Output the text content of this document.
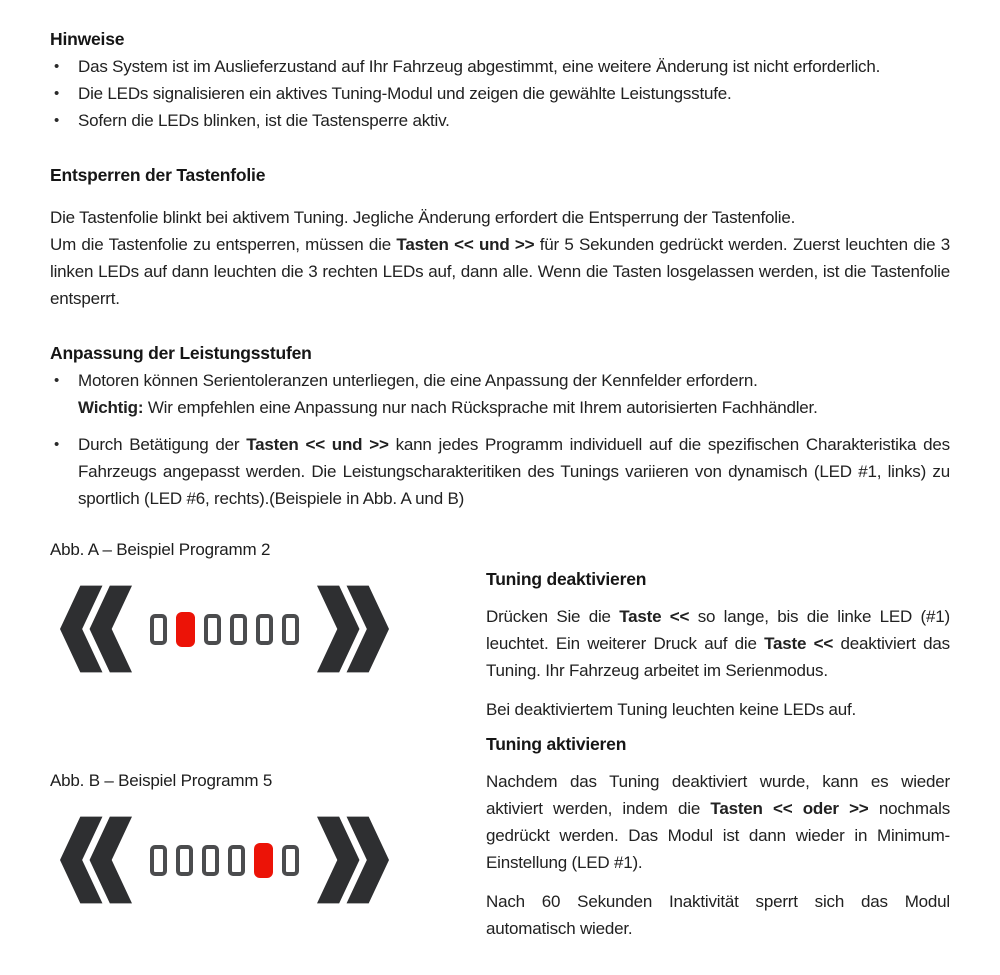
Hinweise
• Das System ist im Auslieferzustand auf Ihr Fahrzeug abgestimmt, eine weitere Änderung ist nicht erforderlich.
• Die LEDs signalisieren ein aktives Tuning-Modul und zeigen die gewählte Leistungsstufe.
• Sofern die LEDs blinken, ist die Tastensperre aktiv.
Entsperren der Tastenfolie

Die Tastenfolie blinkt bei aktivem Tuning. Jegliche Änderung erfordert die Entsperrung der Tastenfolie.
Um die Tastenfolie zu entsperren, müssen die Tasten << und >> für 5 Sekunden gedrückt werden. Zuerst leuchten die 3 linken LEDs auf dann leuchten die 3 rechten LEDs auf, dann alle. Wenn die Tasten losgelassen werden, ist die Tastenfolie entsperrt.

Anpassung der Leistungsstufen
• Motoren können Serientoleranzen unterliegen, die eine Anpassung der Kennfelder erfordern.
Wichtig: Wir empfehlen eine Anpassung nur nach Rücksprache mit Ihrem autorisierten Fachhändler.
• Durch Betätigung der Tasten << und >> kann jedes Programm individuell auf die spezifischen Charakteristika des Fahrzeugs angepasst werden. Die Leistungscharakteritiken des Tunings variieren von dynamisch (LED #1, links) zu sportlich (LED #6, rechts).(Beispiele in Abb. A und B)
Abb. A – Beispiel Programm 2
Abb. B – Beispiel Programm 5
Tuning deaktivieren

Drücken Sie die Taste << so lange, bis die linke LED (#1) leuchtet. Ein weiterer Druck auf die Taste << deaktiviert das Tuning. Ihr Fahrzeug arbeitet im Serienmodus.

Bei deaktiviertem Tuning leuchten keine LEDs auf.

Tuning aktivieren

Nachdem das Tuning deaktiviert wurde, kann es wieder aktiviert werden, indem die Tasten << oder >> nochmals gedrückt werden. Das Modul ist dann wieder in Minimum-Einstellung (LED #1).

Nach 60 Sekunden Inaktivität sperrt sich das Modul automatisch wieder.
